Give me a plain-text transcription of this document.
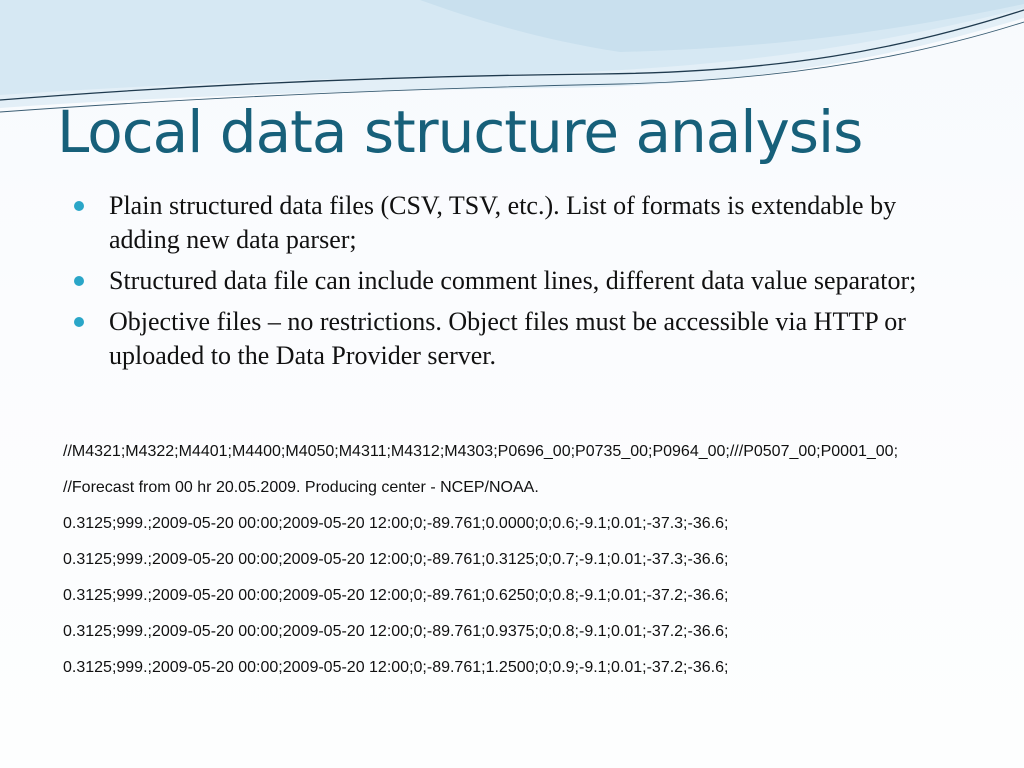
Local data structure analysis
Plain structured data files (CSV, TSV, etc.). List of formats is extendable by adding new data parser;
Structured data file can include comment lines, different data value separator;
Objective files – no restrictions. Object files must be accessible via HTTP or uploaded to the Data Provider server.
//M4321;M4322;M4401;M4400;M4050;M4311;M4312;M4303;P0696_00;P0735_00;P0964_00;///P0507_00;P0001_00;
//Forecast from 00 hr 20.05.2009. Producing center - NCEP/NOAA.
0.3125;999.;2009-05-20 00:00;2009-05-20 12:00;0;-89.761;0.0000;0;0.6;-9.1;0.01;-37.3;-36.6;
0.3125;999.;2009-05-20 00:00;2009-05-20 12:00;0;-89.761;0.3125;0;0.7;-9.1;0.01;-37.3;-36.6;
0.3125;999.;2009-05-20 00:00;2009-05-20 12:00;0;-89.761;0.6250;0;0.8;-9.1;0.01;-37.2;-36.6;
0.3125;999.;2009-05-20 00:00;2009-05-20 12:00;0;-89.761;0.9375;0;0.8;-9.1;0.01;-37.2;-36.6;
0.3125;999.;2009-05-20 00:00;2009-05-20 12:00;0;-89.761;1.2500;0;0.9;-9.1;0.01;-37.2;-36.6;
